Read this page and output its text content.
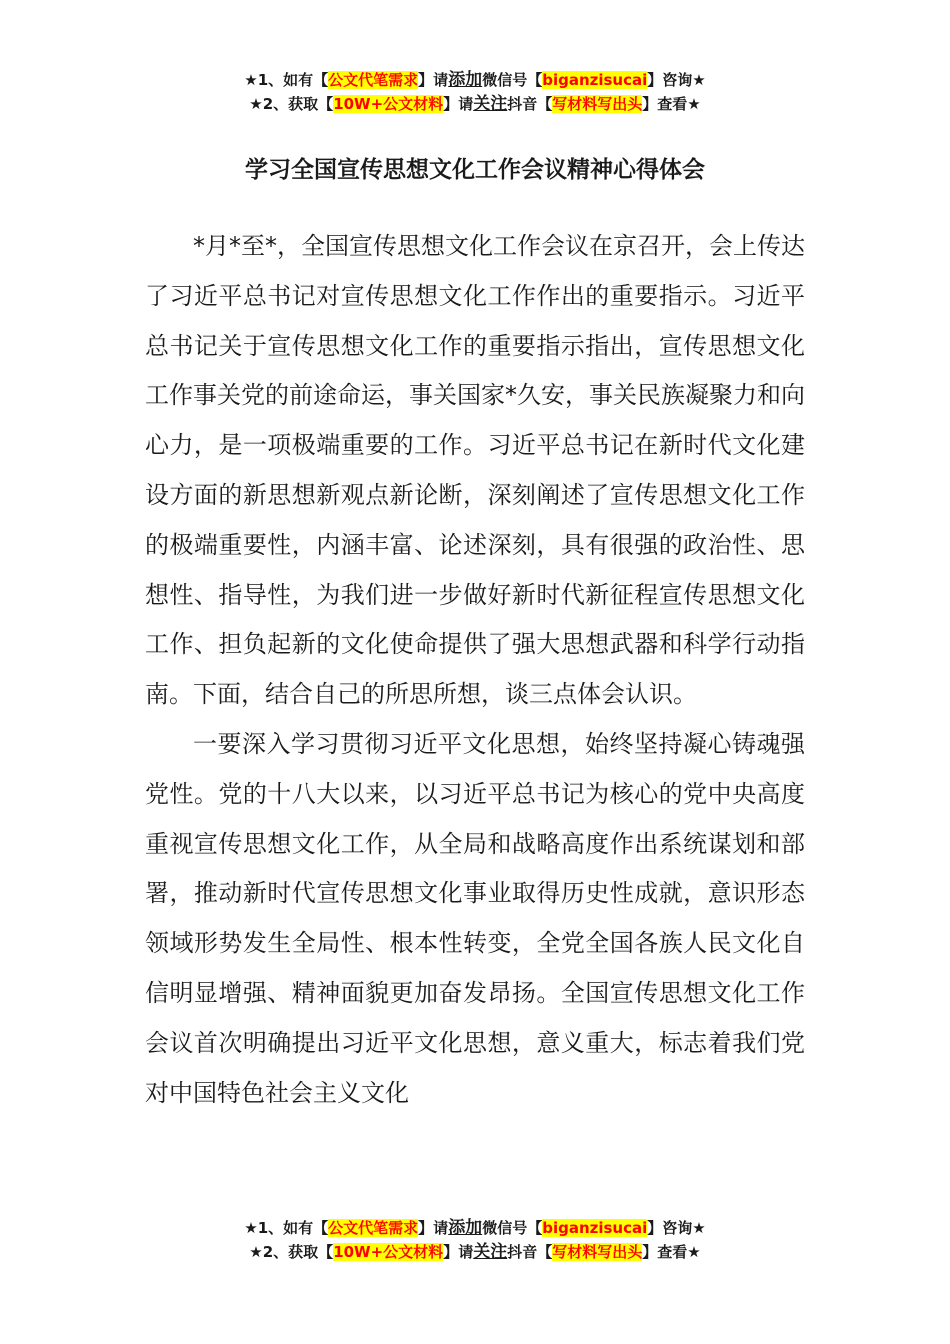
★1、如有【公文代笔需求】请添加微信号【biganzisucai】咨询★
★2、获取【10W+公文材料】请关注抖音【写材料写出头】查看★
学习全国宣传思想文化工作会议精神心得体会

*月*至*，全国宣传思想文化工作会议在京召开，会上传达了习近平总书记对宣传思想文化工作作出的重要指示。习近平总书记关于宣传思想文化工作的重要指示指出，宣传思想文化工作事关党的前途命运，事关国家*久安，事关民族凝聚力和向心力，是一项极端重要的工作。习近平总书记在新时代文化建设方面的新思想新观点新论断，深刻阐述了宣传思想文化工作的极端重要性，内涵丰富、论述深刻，具有很强的政治性、思想性、指导性，为我们进一步做好新时代新征程宣传思想文化工作、担负起新的文化使命提供了强大思想武器和科学行动指南。下面，结合自己的所思所想，谈三点体会认识。

一要深入学习贯彻习近平文化思想，始终坚持凝心铸魂强党性。党的十八大以来，以习近平总书记为核心的党中央高度重视宣传思想文化工作，从全局和战略高度作出系统谋划和部署，推动新时代宣传思想文化事业取得历史性成就，意识形态领域形势发生全局性、根本性转变，全党全国各族人民文化自信明显增强、精神面貌更加奋发昂扬。全国宣传思想文化工作会议首次明确提出习近平文化思想，意义重大，标志着我们党对中国特色社会主义文化

★1、如有【公文代笔需求】请添加微信号【biganzisucai】咨询★
★2、获取【10W+公文材料】请关注抖音【写材料写出头】查看★
